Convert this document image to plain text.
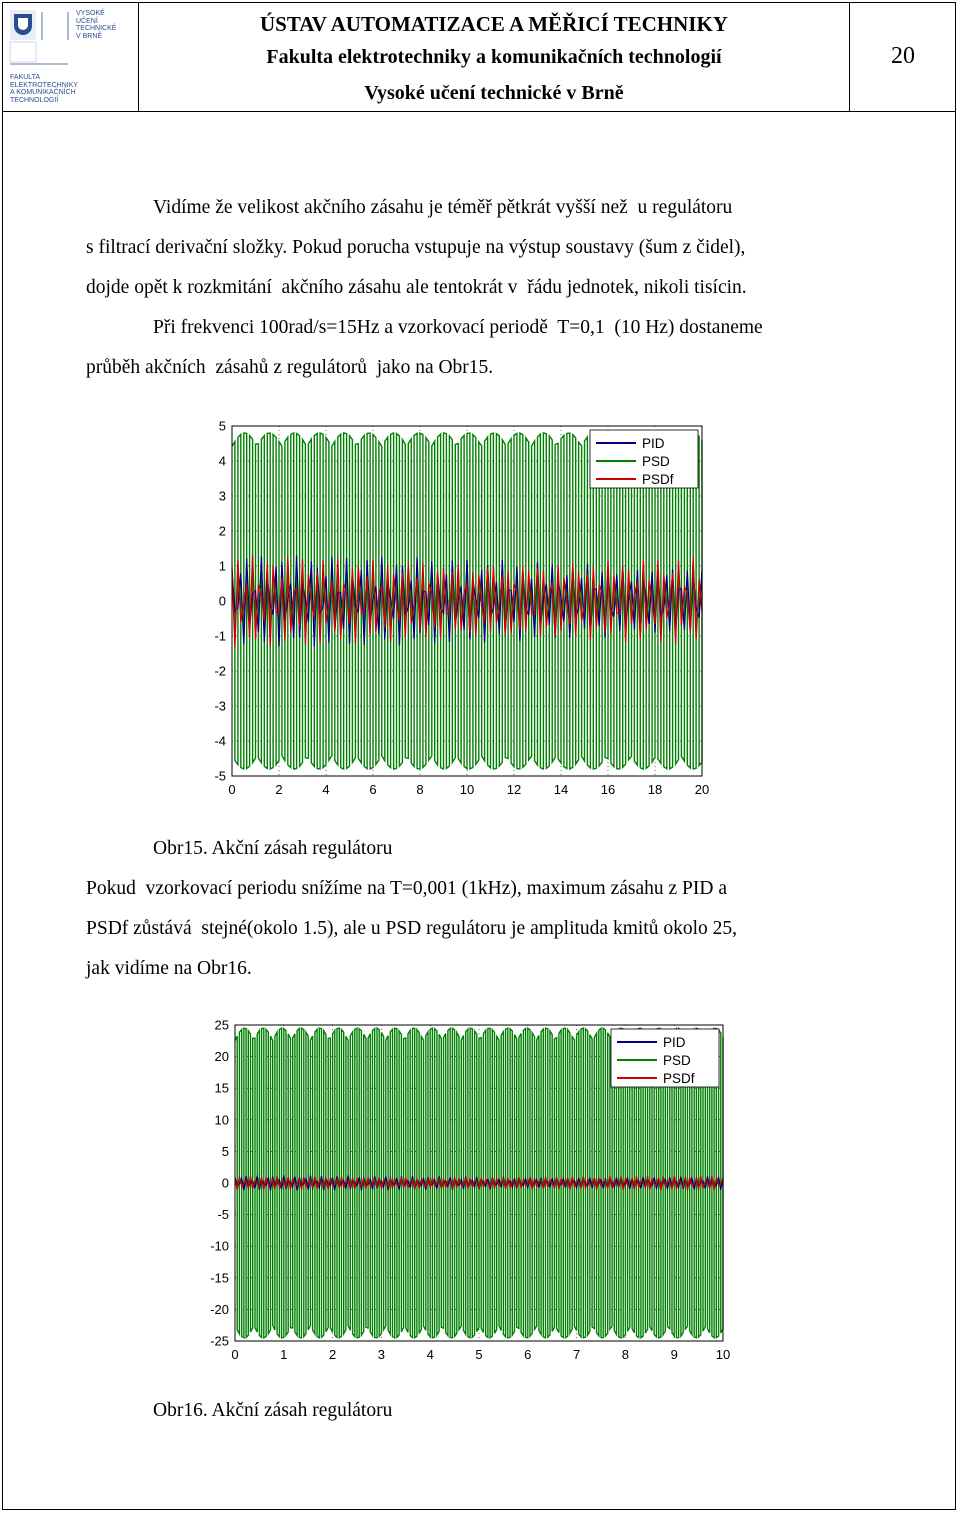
VYSOKÉ
UČENÍ
TECHNICKÉ
V BRNĚ
FAKULTA
ELEKTROTECHNIKY
A KOMUNIKAČNÍCH
TECHNOLOGIÍ
ÚSTAV AUTOMATIZACE A MĚŘICÍ TECHNIKY
Fakulta elektrotechniky a komunikačních technologií
Vysoké učení technické v Brně
20
Vidíme že velikost akčního zásahu je téměř pětkrát vyšší než  u regulátoru
s filtrací derivační složky. Pokud porucha vstupuje na výstup soustavy (šum z čidel),
dojde opět k rozkmitání  akčního zásahu ale tentokrát v  řádu jednotek, nikoli tisícin.
Při frekvenci 100rad/s=15Hz a vzorkovací periodě  T=0,1  (10 Hz) dostaneme
průběh akčních  zásahů z regulátorů  jako na Obr15.
0	2	4	6	8	10	12	14	16	18	20
5
4
3
2
1
0
-1
-2
-3
-4
-5
PID
PSD
PSDf
Obr15. Akční zásah regulátoru
Pokud  vzorkovací periodu snížíme na T=0,001 (1kHz), maximum zásahu z PID a
PSDf zůstává  stejné(okolo 1.5), ale u PSD regulátoru je amplituda kmitů okolo 25,
jak vidíme na Obr16.
0	1	2	3	4	5	6	7	8	9	10
25
20
15
10
5
0
-5
-10
-15
-20
-25
PID
PSD
PSDf
Obr16. Akční zásah regulátoru
